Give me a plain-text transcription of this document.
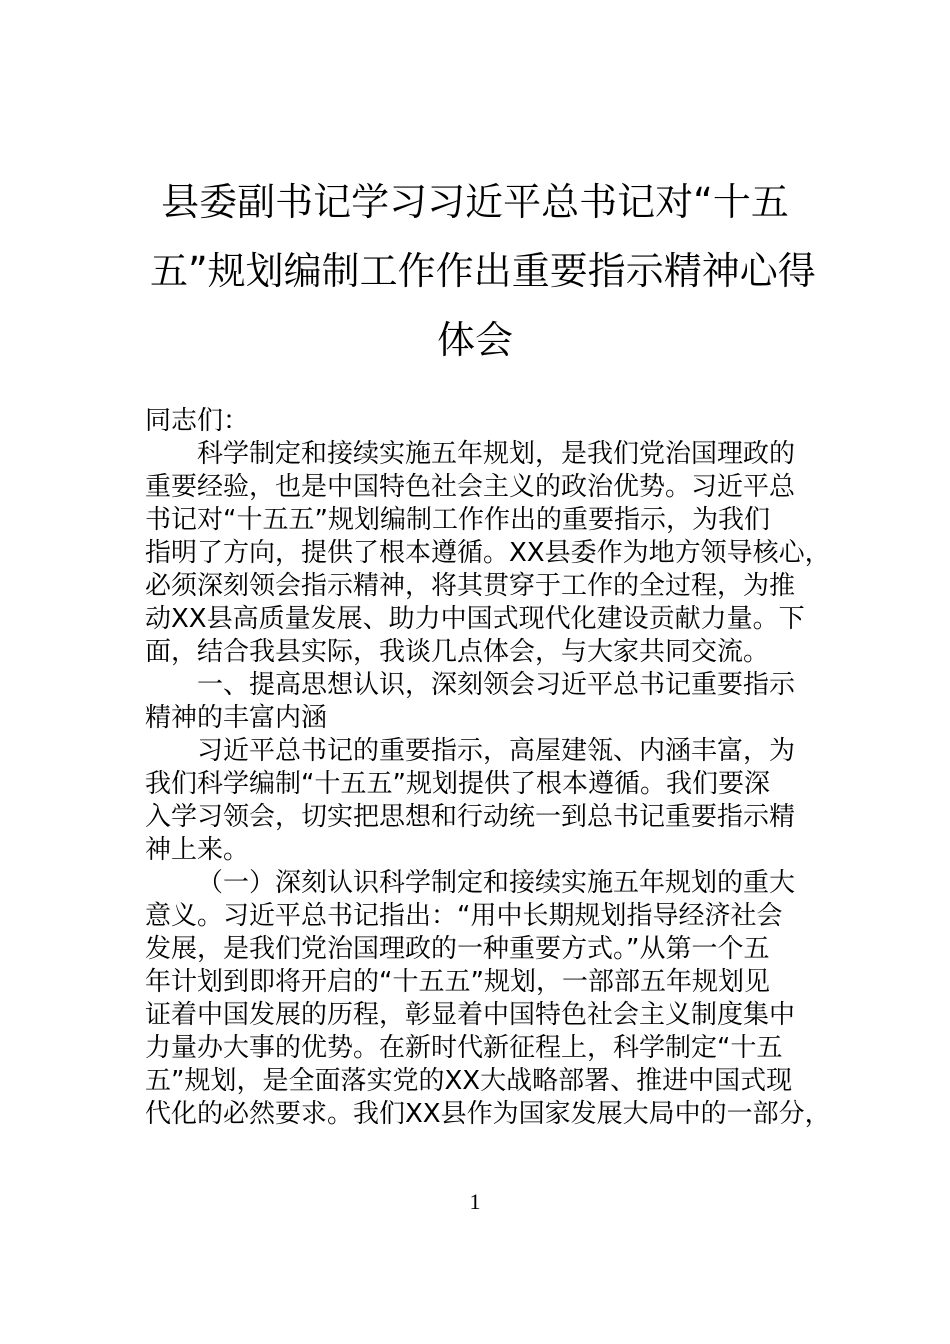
县委副书记学习习近平总书记对“十五
五”规划编制工作作出重要指示精神心得
体会
同志们：
科学制定和接续实施五年规划，是我们党治国理政的
重要经验，也是中国特色社会主义的政治优势。习近平总
书记对“十五五”规划编制工作作出的重要指示，为我们
指明了方向，提供了根本遵循。XX县委作为地方领导核心，
必须深刻领会指示精神，将其贯穿于工作的全过程，为推
动XX县高质量发展、助力中国式现代化建设贡献力量。下
面，结合我县实际，我谈几点体会，与大家共同交流。
一、提高思想认识，深刻领会习近平总书记重要指示
精神的丰富内涵
习近平总书记的重要指示，高屋建瓴、内涵丰富，为
我们科学编制“十五五”规划提供了根本遵循。我们要深
入学习领会，切实把思想和行动统一到总书记重要指示精
神上来。
（一）深刻认识科学制定和接续实施五年规划的重大
意义。习近平总书记指出：“用中长期规划指导经济社会
发展，是我们党治国理政的一种重要方式。”从第一个五
年计划到即将开启的“十五五”规划，一部部五年规划见
证着中国发展的历程，彰显着中国特色社会主义制度集中
力量办大事的优势。在新时代新征程上，科学制定“十五
五”规划，是全面落实党的XX大战略部署、推进中国式现
代化的必然要求。我们XX县作为国家发展大局中的一部分，
1
